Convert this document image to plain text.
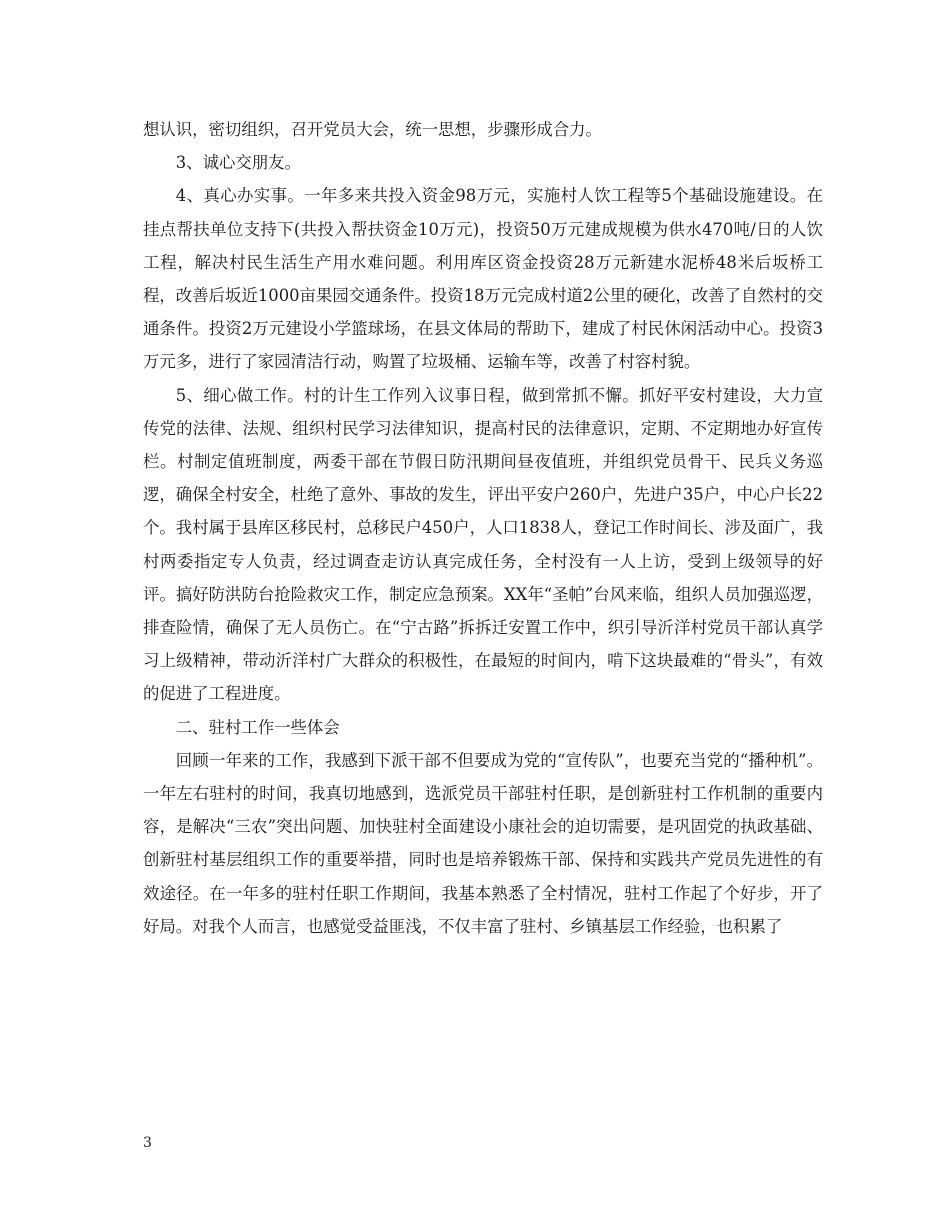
想认识，密切组织，召开党员大会，统一思想，步骤形成合力。

3、诚心交朋友。

4、真心办实事。一年多来共投入资金98万元，实施村人饮工程等5个基础设施建设。在挂点帮扶单位支持下(共投入帮扶资金10万元)，投资50万元建成规模为供水470吨/日的人饮工程，解决村民生活生产用水难问题。利用库区资金投资28万元新建水泥桥48米后坂桥工程，改善后坂近1000亩果园交通条件。投资18万元完成村道2公里的硬化，改善了自然村的交通条件。投资2万元建设小学篮球场，在县文体局的帮助下，建成了村民休闲活动中心。投资3万元多，进行了家园清洁行动，购置了垃圾桶、运输车等，改善了村容村貌。

5、细心做工作。村的计生工作列入议事日程，做到常抓不懈。抓好平安村建设，大力宣传党的法律、法规、组织村民学习法律知识，提高村民的法律意识，定期、不定期地办好宣传栏。村制定值班制度，两委干部在节假日防汛期间昼夜值班，并组织党员骨干、民兵义务巡逻，确保全村安全，杜绝了意外、事故的发生，评出平安户260户，先进户35户，中心户长22个。我村属于县库区移民村，总移民户450户，人口1838人，登记工作时间长、涉及面广，我村两委指定专人负责，经过调查走访认真完成任务，全村没有一人上访，受到上级领导的好评。搞好防洪防台抢险救灾工作，制定应急预案。XX年“圣帕”台风来临，组织人员加强巡逻，排查险情，确保了无人员伤亡。在“宁古路”拆拆迁安置工作中，织引导沂洋村党员干部认真学习上级精神，带动沂洋村广大群众的积极性，在最短的时间内，啃下这块最难的“骨头”，有效的促进了工程进度。

二、驻村工作一些体会

回顾一年来的工作，我感到下派干部不但要成为党的“宣传队”，也要充当党的“播种机”。一年左右驻村的时间，我真切地感到，选派党员干部驻村任职，是创新驻村工作机制的重要内容，是解决“三农”突出问题、加快驻村全面建设小康社会的迫切需要，是巩固党的执政基础、创新驻村基层组织工作的重要举措，同时也是培养锻炼干部、保持和实践共产党员先进性的有效途径。在一年多的驻村任职工作期间，我基本熟悉了全村情况，驻村工作起了个好步，开了好局。对我个人而言，也感觉受益匪浅，不仅丰富了驻村、乡镇基层工作经验，也积累了

3
